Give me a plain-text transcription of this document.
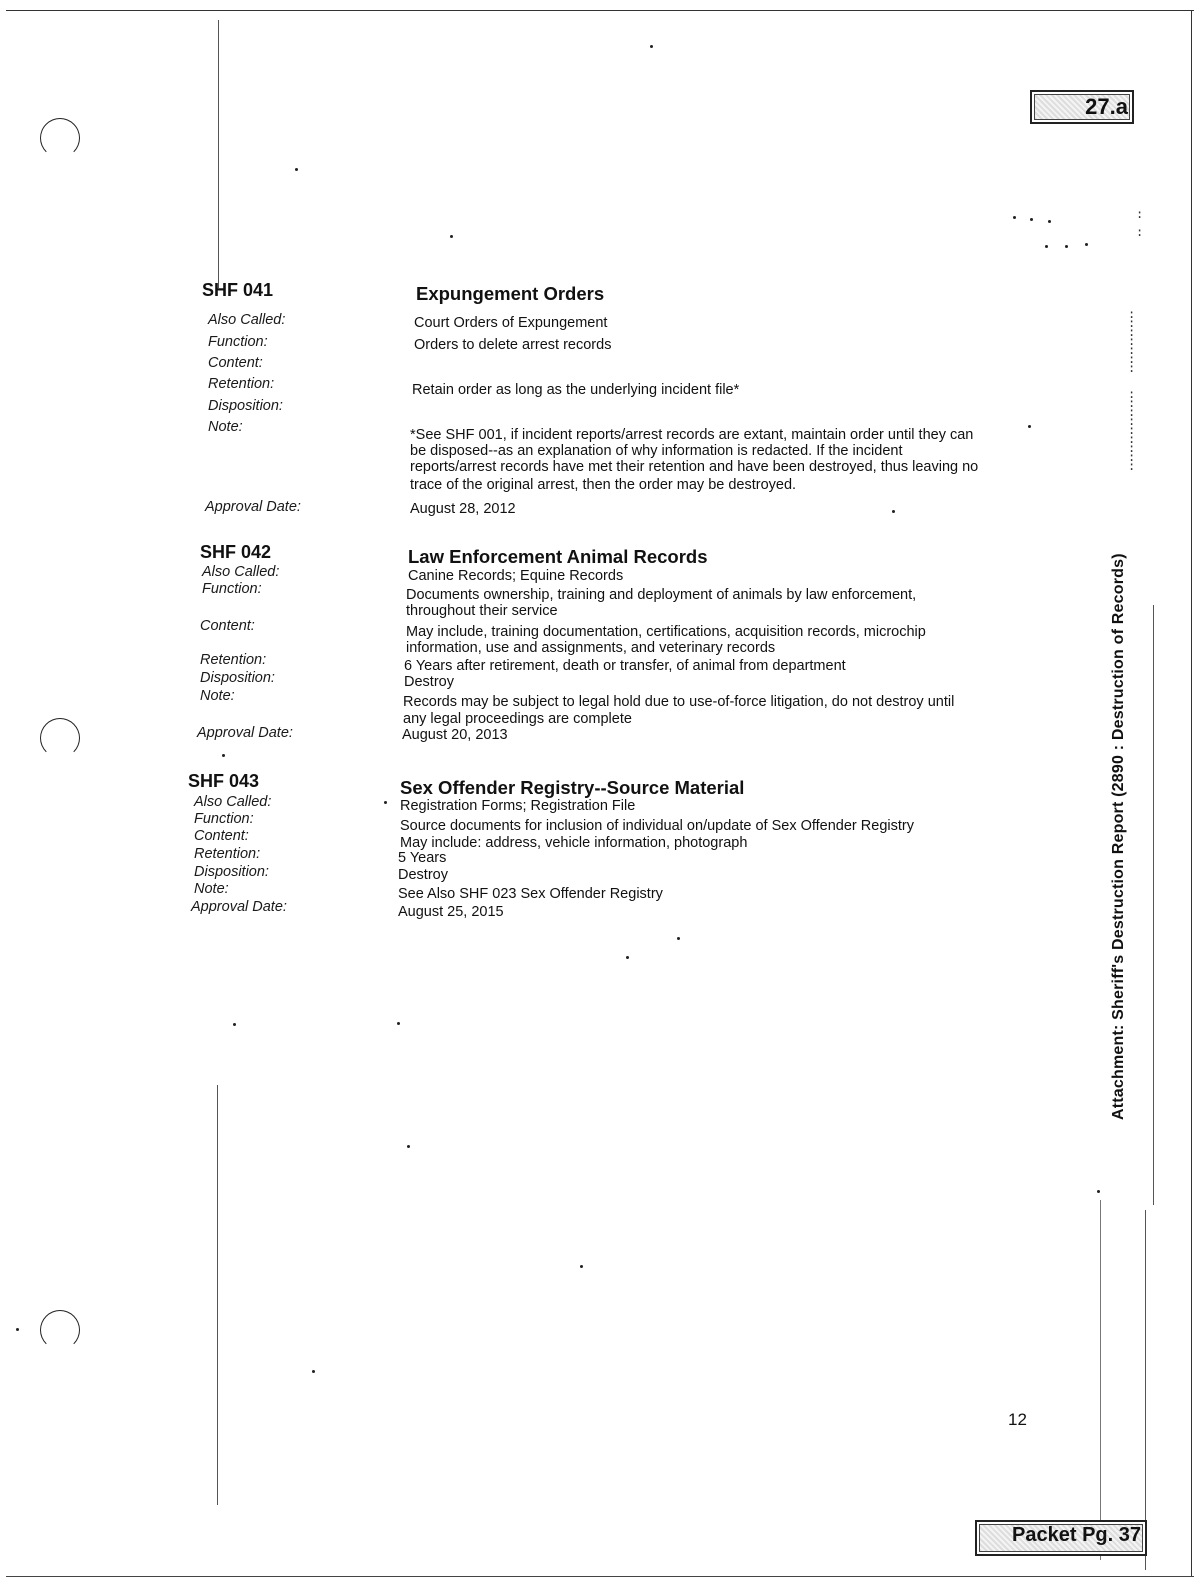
:
:
:
:
:
:
:
:
:
:
:
:
:
:
:
:
:

:

27.a
SHF 041	Expungement Orders
Also Called:	Court Orders of Expungement
Function:	Orders to delete arrest records
Content:
Retention:	Retain order as long as the underlying incident file*
Disposition:
Note:	*See SHF 001, if incident reports/arrest records are extant, maintain order until they can
be disposed--as an explanation of why information is redacted. If the incident
reports/arrest records have met their retention and have been destroyed, thus leaving no
trace of the original arrest, then the order may be destroyed.
Approval Date:	August 28, 2012
SHF 042	Law Enforcement Animal Records
Also Called:	Canine Records; Equine Records
Function:	Documents ownership, training and deployment of animals by law enforcement,
throughout their service
Content:	May include, training documentation, certifications, acquisition records, microchip
information, use and assignments, and veterinary records
Retention:	6 Years after retirement, death or transfer, of animal from department
Disposition:	Destroy
Note:	Records may be subject to legal hold due to use-of-force litigation, do not destroy until
any legal proceedings are complete
Approval Date:	August 20, 2013
SHF 043	Sex Offender Registry--Source Material
Also Called:	Registration Forms; Registration File
Function:	Source documents for inclusion of individual on/update of Sex Offender Registry
Content:	May include: address, vehicle information, photograph
Retention:	5 Years
Disposition:	Destroy
Note:	See Also SHF 023 Sex Offender Registry
Approval Date:	August 25, 2015	Attachment: Sheriff's Destruction Report (2890 : Destruction of Records)
12
Packet Pg. 37
